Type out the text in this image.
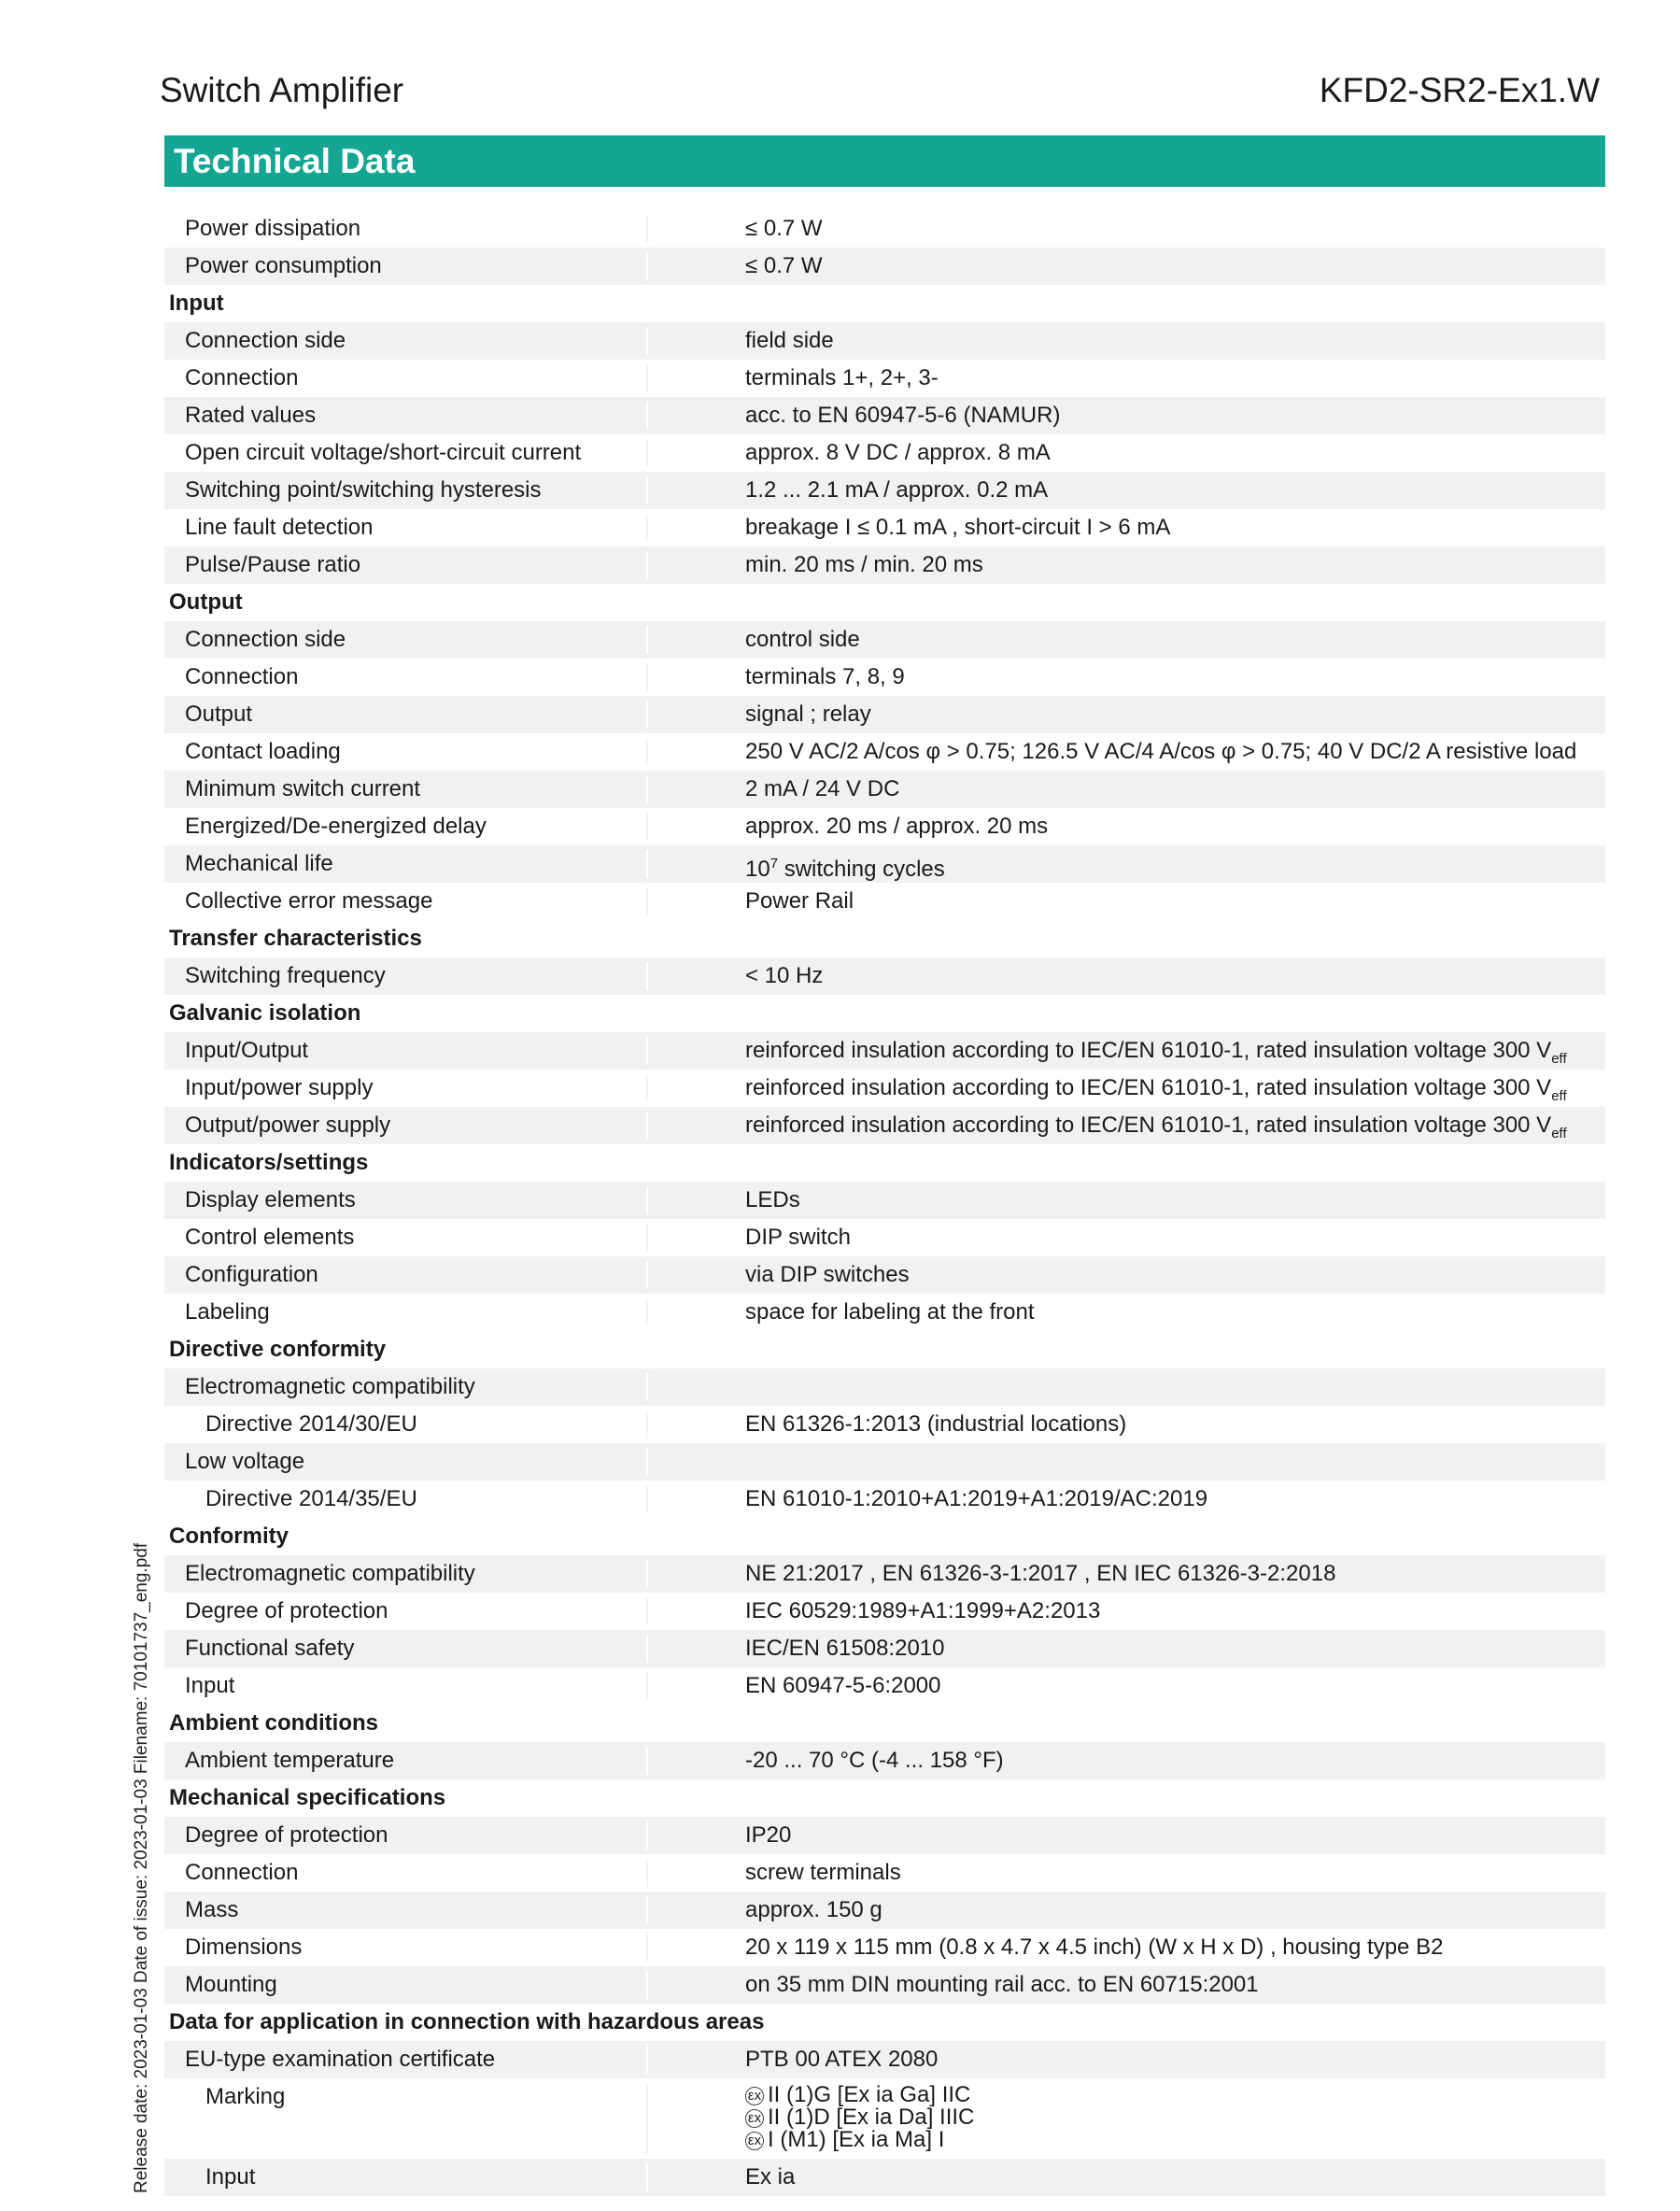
Switch Amplifier	KFD2-SR2-Ex1.W
Technical Data
Release date: 2023-01-03 Date of issue: 2023-01-03 Filename: 70101737_eng.pdf
Power dissipation	≤ 0.7 W
Power consumption	≤ 0.7 W
Input
Connection side	field side
Connection	terminals 1+, 2+, 3-
Rated values	acc. to EN 60947-5-6 (NAMUR)
Open circuit voltage/short-circuit current	approx. 8 V DC / approx. 8 mA
Switching point/switching hysteresis	1.2 ... 2.1 mA / approx. 0.2 mA
Line fault detection	breakage I ≤ 0.1 mA , short-circuit I > 6 mA
Pulse/Pause ratio	min. 20 ms / min. 20 ms
Output
Connection side	control side
Connection	terminals 7, 8, 9
Output	signal ; relay
Contact loading	250 V AC/2 A/cos φ > 0.75; 126.5 V AC/4 A/cos φ > 0.75; 40 V DC/2 A resistive load
Minimum switch current	2 mA / 24 V DC
Energized/De-energized delay	approx. 20 ms / approx. 20 ms
Mechanical life	$10^7$ switching cycles
Collective error message	Power Rail
Transfer characteristics
Switching frequency	< 10 Hz
Galvanic isolation
Input/Output	reinforced insulation according to IEC/EN 61010-1, rated insulation voltage 300 $V_{eff}$
Input/power supply	reinforced insulation according to IEC/EN 61010-1, rated insulation voltage 300 $V_{eff}$
Output/power supply	reinforced insulation according to IEC/EN 61010-1, rated insulation voltage 300 $V_{eff}$
Indicators/settings
Display elements	LEDs
Control elements	DIP switch
Configuration	via DIP switches
Labeling	space for labeling at the front
Directive conformity
Electromagnetic compatibility
Directive 2014/30/EU	EN 61326-1:2013 (industrial locations)
Low voltage
Directive 2014/35/EU	EN 61010-1:2010+A1:2019+A1:2019/AC:2019
Conformity
Electromagnetic compatibility	NE 21:2017 , EN 61326-3-1:2017 , EN IEC 61326-3-2:2018
Degree of protection	IEC 60529:1989+A1:1999+A2:2013
Functional safety	IEC/EN 61508:2010
Input	EN 60947-5-6:2000
Ambient conditions
Ambient temperature	-20 ... 70 °C (-4 ... 158 °F)
Mechanical specifications
Degree of protection	IP20
Connection	screw terminals
Mass	approx. 150 g
Dimensions	20 x 119 x 115 mm (0.8 x 4.7 x 4.5 inch) (W x H x D) , housing type B2
Mounting	on 35 mm DIN mounting rail acc. to EN 60715:2001
Data for application in connection with hazardous areas
EU-type examination certificate	PTB 00 ATEX 2080
Marking	εx II (1)G [Ex ia Ga] IIC
εx II (1)D [Ex ia Da] IIIC
εx I (M1) [Ex ia Ma] I
Input	Ex ia
